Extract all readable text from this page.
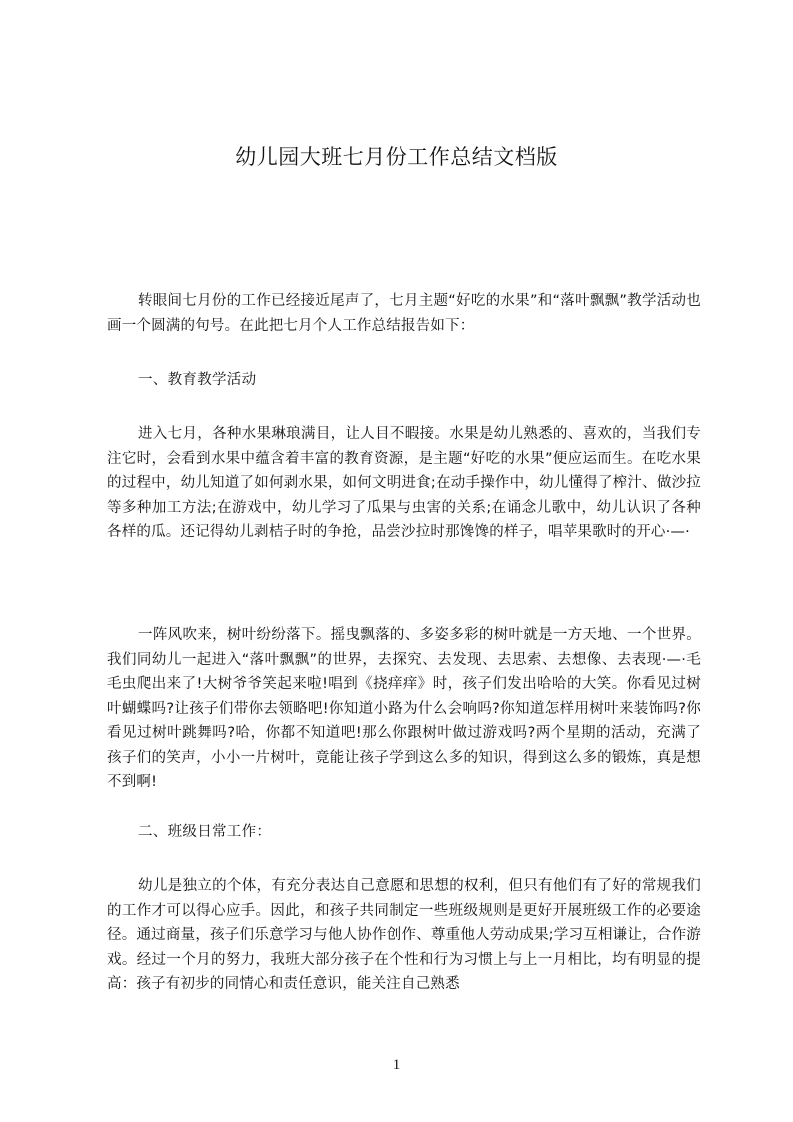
幼儿园大班七月份工作总结文档版

转眼间七月份的工作已经接近尾声了，七月主题“好吃的水果”和“落叶飘飘”教学活动也画一个圆满的句号。在此把七月个人工作总结报告如下：

一、教育教学活动

进入七月，各种水果琳琅满目，让人目不暇接。水果是幼儿熟悉的、喜欢的，当我们专注它时，会看到水果中蕴含着丰富的教育资源，是主题“好吃的水果”便应运而生。在吃水果的过程中，幼儿知道了如何剥水果，如何文明进食;在动手操作中，幼儿懂得了榨汁、做沙拉等多种加工方法;在游戏中，幼儿学习了瓜果与虫害的关系;在诵念儿歌中，幼儿认识了各种各样的瓜。还记得幼儿剥桔子时的争抢，品尝沙拉时那馋馋的样子，唱苹果歌时的开心·—·

一阵风吹来，树叶纷纷落下。摇曳飘落的、多姿多彩的树叶就是一方天地、一个世界。我们同幼儿一起进入“落叶飘飘”的世界，去探究、去发现、去思索、去想像、去表现·—·毛毛虫爬出来了!大树爷爷笑起来啦!唱到《挠痒痒》时，孩子们发出哈哈的大笑。你看见过树叶蝴蝶吗?让孩子们带你去领略吧!你知道小路为什么会响吗?你知道怎样用树叶来装饰吗?你看见过树叶跳舞吗?哈，你都不知道吧!那么你跟树叶做过游戏吗?两个星期的活动，充满了孩子们的笑声，小小一片树叶，竟能让孩子学到这么多的知识，得到这么多的锻炼，真是想不到啊!

二、班级日常工作：

幼儿是独立的个体，有充分表达自己意愿和思想的权利，但只有他们有了好的常规我们的工作才可以得心应手。因此，和孩子共同制定一些班级规则是更好开展班级工作的必要途径。通过商量，孩子们乐意学习与他人协作创作、尊重他人劳动成果;学习互相谦让，合作游戏。经过一个月的努力，我班大部分孩子在个性和行为习惯上与上一月相比，均有明显的提高：孩子有初步的同情心和责任意识，能关注自己熟悉

1
